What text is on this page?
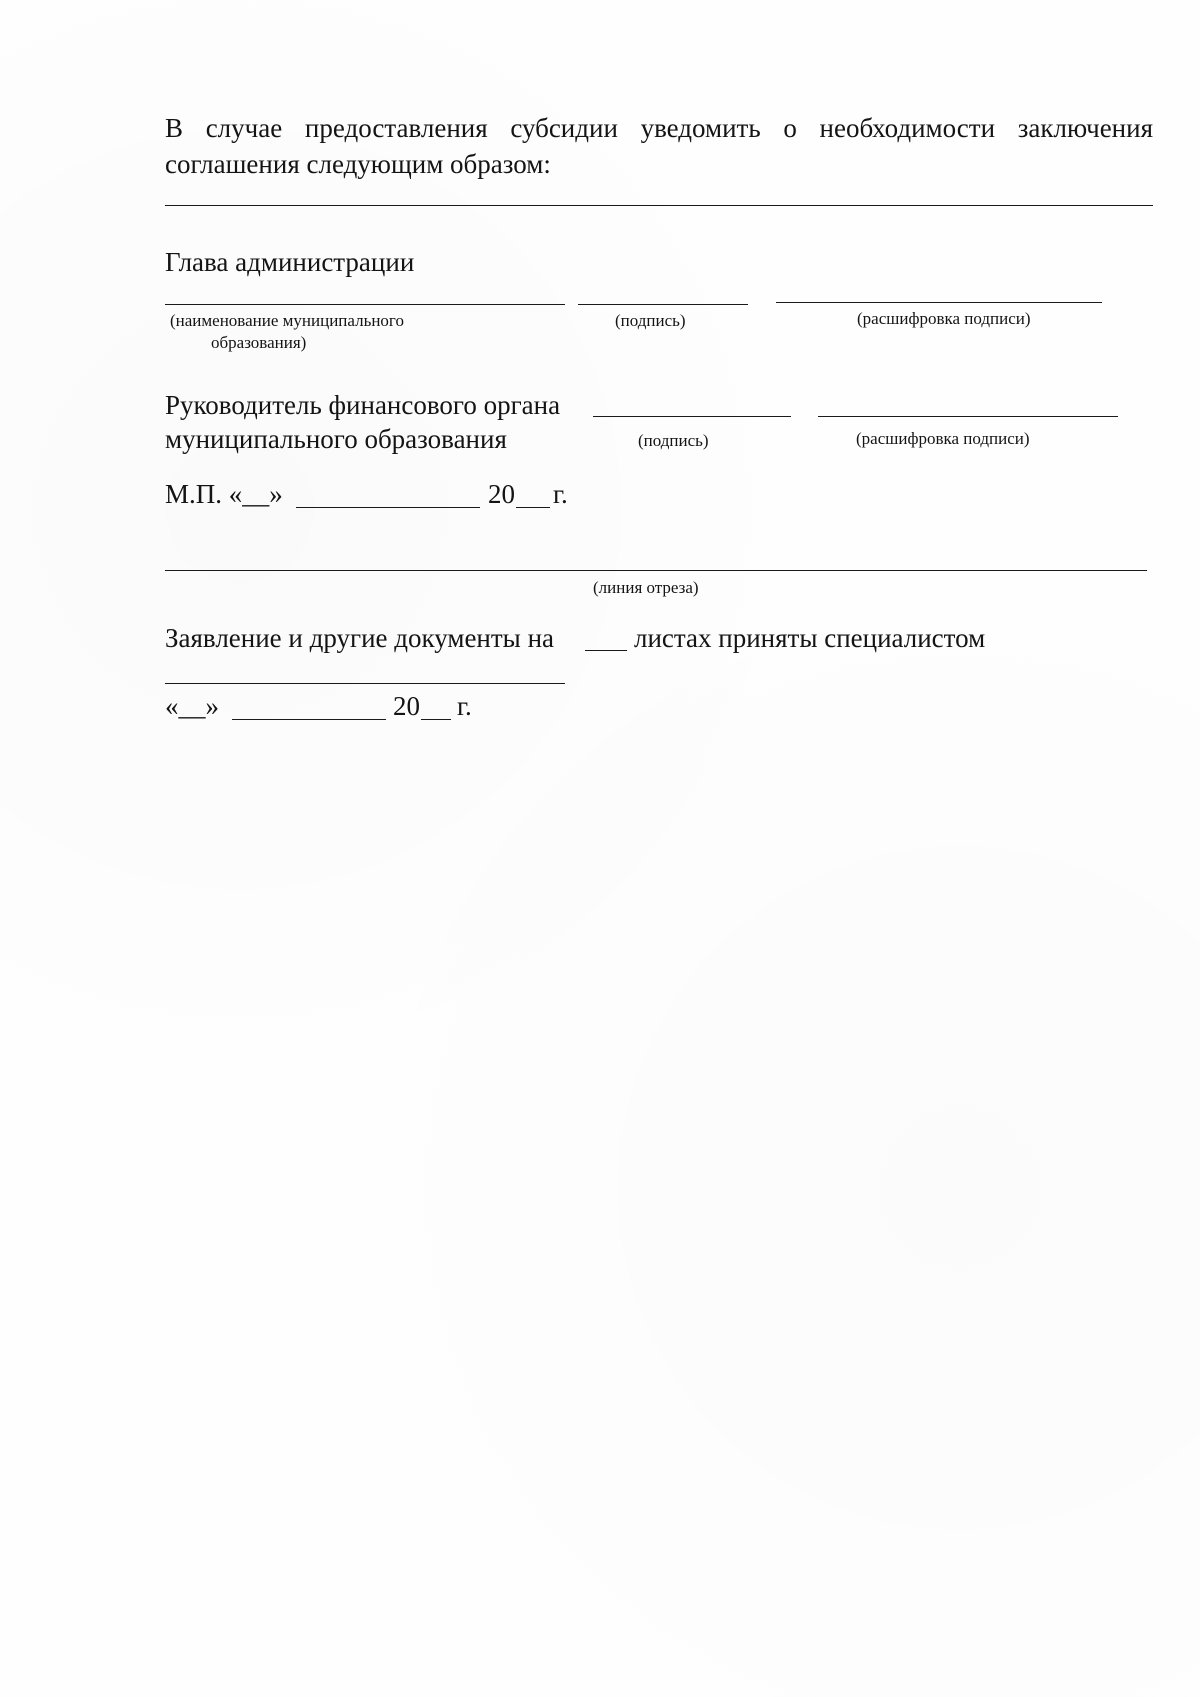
В случае предоставления субсидии уведомить о необходимости заключения
соглашения следующим образом:
Глава администрации
(наименование муниципального
образования)
(подпись)	(расшифровка подписи)
Руководитель финансового органа
муниципального образования	(подпись)	(расшифровка подписи)
М.П. «__»	20 г.
(линия отреза)
Заявление и другие документы на	листах приняты специалистом
«__»	20 г.
